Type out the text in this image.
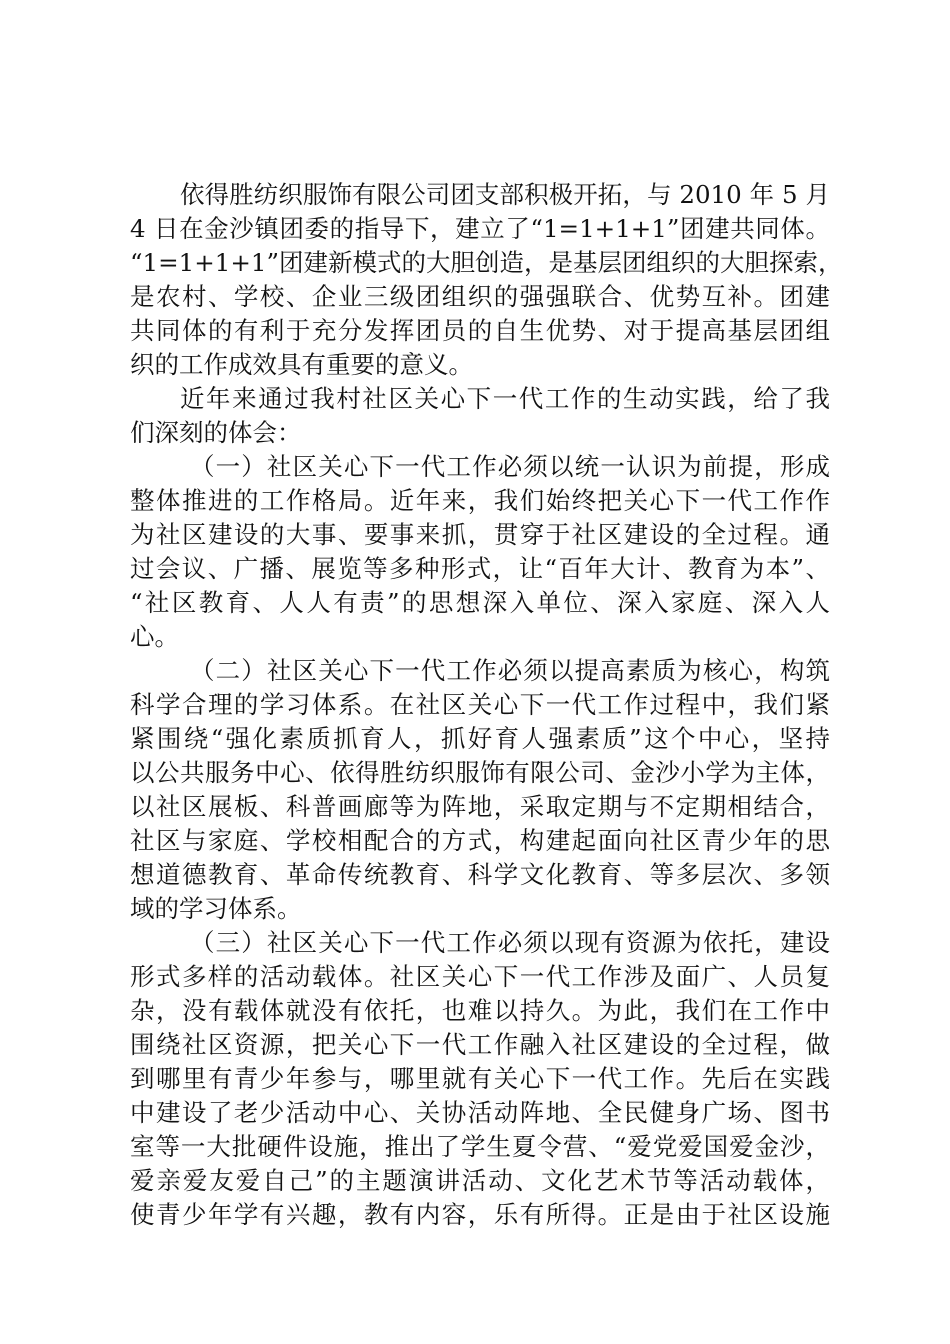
依得胜纺织服饰有限公司团支部积极开拓，与 2010 年 5 月
4 日在金沙镇团委的指导下，建立了“1=1+1+1”团建共同体。
“1=1+1+1”团建新模式的大胆创造，是基层团组织的大胆探索，
是农村、学校、企业三级团组织的强强联合、优势互补。团建
共同体的有利于充分发挥团员的自生优势、对于提高基层团组
织的工作成效具有重要的意义。
近年来通过我村社区关心下一代工作的生动实践，给了我
们深刻的体会：
（一）社区关心下一代工作必须以统一认识为前提，形成
整体推进的工作格局。近年来，我们始终把关心下一代工作作
为社区建设的大事、要事来抓，贯穿于社区建设的全过程。通
过会议、广播、展览等多种形式，让“百年大计、教育为本”、
“社区教育、人人有责”的思想深入单位、深入家庭、深入人
心。
（二）社区关心下一代工作必须以提高素质为核心，构筑
科学合理的学习体系。在社区关心下一代工作过程中，我们紧
紧围绕“强化素质抓育人，抓好育人强素质”这个中心，坚持
以公共服务中心、依得胜纺织服饰有限公司、金沙小学为主体，
以社区展板、科普画廊等为阵地，采取定期与不定期相结合，
社区与家庭、学校相配合的方式，构建起面向社区青少年的思
想道德教育、革命传统教育、科学文化教育、等多层次、多领
域的学习体系。
（三）社区关心下一代工作必须以现有资源为依托，建设
形式多样的活动载体。社区关心下一代工作涉及面广、人员复
杂，没有载体就没有依托，也难以持久。为此，我们在工作中
围绕社区资源，把关心下一代工作融入社区建设的全过程，做
到哪里有青少年参与，哪里就有关心下一代工作。先后在实践
中建设了老少活动中心、关协活动阵地、全民健身广场、图书
室等一大批硬件设施，推出了学生夏令营、“爱党爱国爱金沙，
爱亲爱友爱自己”的主题演讲活动、文化艺术节等活动载体，
使青少年学有兴趣，教有内容，乐有所得。正是由于社区设施
